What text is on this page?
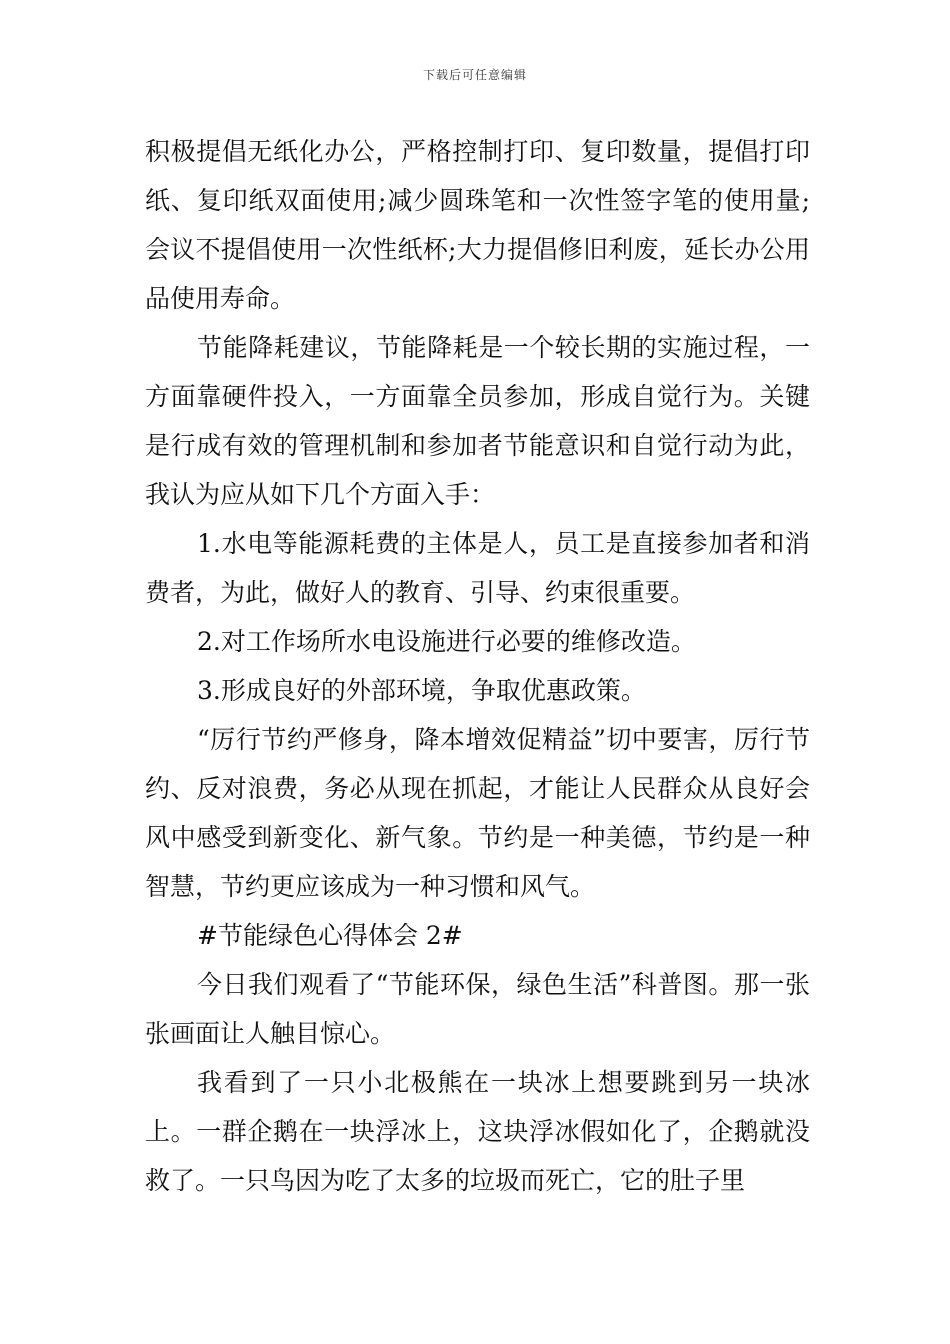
下载后可任意编辑

积极提倡无纸化办公，严格控制打印、复印数量，提倡打印纸、复印纸双面使用;减少圆珠笔和一次性签字笔的使用量;会议不提倡使用一次性纸杯;大力提倡修旧利废，延长办公用品使用寿命。

节能降耗建议，节能降耗是一个较长期的实施过程，一方面靠硬件投入，一方面靠全员参加，形成自觉行为。关键是行成有效的管理机制和参加者节能意识和自觉行动为此，我认为应从如下几个方面入手：

1.水电等能源耗费的主体是人，员工是直接参加者和消费者，为此，做好人的教育、引导、约束很重要。

2.对工作场所水电设施进行必要的维修改造。

3.形成良好的外部环境，争取优惠政策。

“厉行节约严修身，降本增效促精益”切中要害，厉行节约、反对浪费，务必从现在抓起，才能让人民群众从良好会风中感受到新变化、新气象。节约是一种美德，节约是一种智慧，节约更应该成为一种习惯和风气。

#节能绿色心得体会 2#

今日我们观看了“节能环保，绿色生活”科普图。那一张张画面让人触目惊心。

我看到了一只小北极熊在一块冰上想要跳到另一块冰上。一群企鹅在一块浮冰上，这块浮冰假如化了，企鹅就没救了。一只鸟因为吃了太多的垃圾而死亡，它的肚子里
